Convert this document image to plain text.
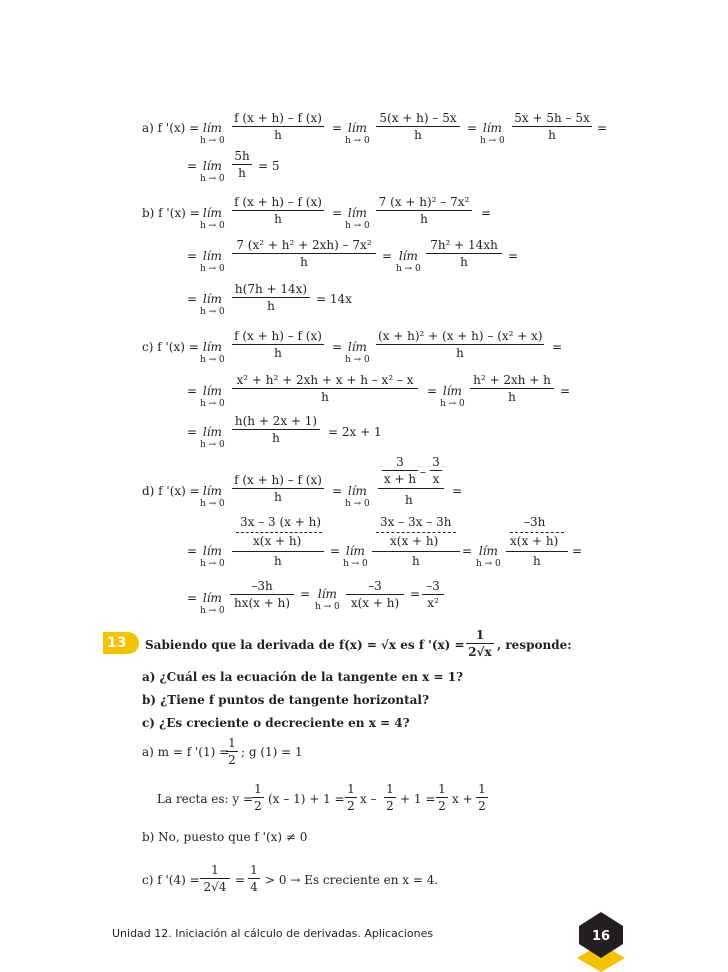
a) f '(x) = lím
h → 0
f (x + h) – f (x)
h	= lím
h → 0
5(x + h) – 5x
h	= lím
h → 0
5x + 5h – 5x
h	=
= lím
h → 0
5h
h	= 5
b) f '(x) = lím
h → 0
f (x + h) – f (x)
h	= lím
h → 0
7 (x + h)² – 7x²
h	=
= lím
h → 0
7 (x² + h² + 2xh) – 7x²
h	= lím
h → 0
7h² + 14xh
h	=
= lím
h → 0
h(7h + 14x)
h	= 14x
c) f '(x) = lím
h → 0
f (x + h) – f (x)
h	= lím
h → 0
(x + h)² + (x + h) – (x² + x)
h	=
= lím
h → 0
x² + h² + 2xh + x + h – x² – x
h	= lím
h → 0
h² + 2xh + h
h	=
= lím
h → 0
h(h + 2x + 1)
h	= 2x + 1
3
x + h –
3
x
d) f '(x) = lím
h → 0
f (x + h) – f (x)
h	= lím
h → 0	h
=
3x – 3 (x + h)
x(x + h)
h
= lím
h → 0
= lím
h → 0
3x – 3x – 3h
x(x + h)
h
= lím
h → 0
–3h
x(x + h)
h
=
= lím
h → 0
–3h
hx(x + h)
= lím
h → 0
–3
x(x + h)
=
–3
x²
13 Sabiendo que la derivada de f(x) = √x es f '(x) =
1
2√x , responde:
a) ¿Cuál es la ecuación de la tangente en x = 1?
b) ¿Tiene f puntos de tangente horizontal?
c) ¿Es creciente o decreciente en x = 4?
a) m = f '(1) =
1
2
; g (1) = 1
La recta es: y =
1
2 (x – 1) + 1 =
1
2 x –
1
2 + 1 =
1
2 x +
1
2
b) No, puesto que f '(x) ≠ 0
c) f '(4) =
1
2√4 =
1
4 > 0 → Es creciente en x = 4.
Unidad 12. Iniciación al cálculo de derivadas. Aplicaciones	16
